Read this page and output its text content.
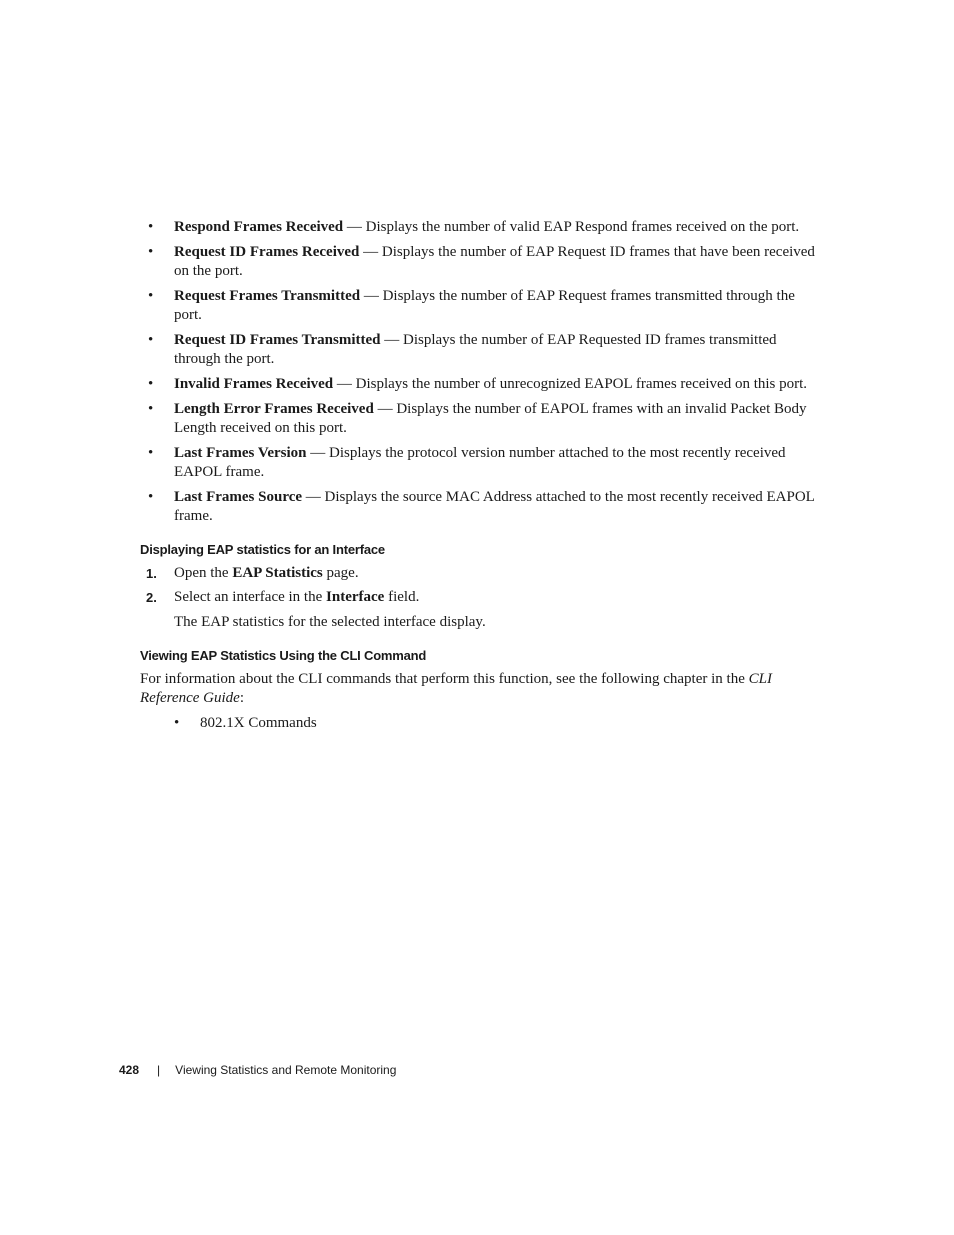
• Respond Frames Received — Displays the number of valid EAP Respond frames received on the port.
• Request ID Frames Received — Displays the number of EAP Request ID frames that have been received on the port.
• Request Frames Transmitted — Displays the number of EAP Request frames transmitted through the port.
• Request ID Frames Transmitted — Displays the number of EAP Requested ID frames transmitted through the port.
• Invalid Frames Received — Displays the number of unrecognized EAPOL frames received on this port.
• Length Error Frames Received — Displays the number of EAPOL frames with an invalid Packet Body Length received on this port.
• Last Frames Version — Displays the protocol version number attached to the most recently received EAPOL frame.
• Last Frames Source — Displays the source MAC Address attached to the most recently received EAPOL frame.
Displaying EAP statistics for an Interface
1. Open the EAP Statistics page.
2. Select an interface in the Interface field.

The EAP statistics for the selected interface display.

Viewing EAP Statistics Using the CLI Command

For information about the CLI commands that perform this function, see the following chapter in the CLI Reference Guide:

• 802.1X Commands
428 | Viewing Statistics and Remote Monitoring
